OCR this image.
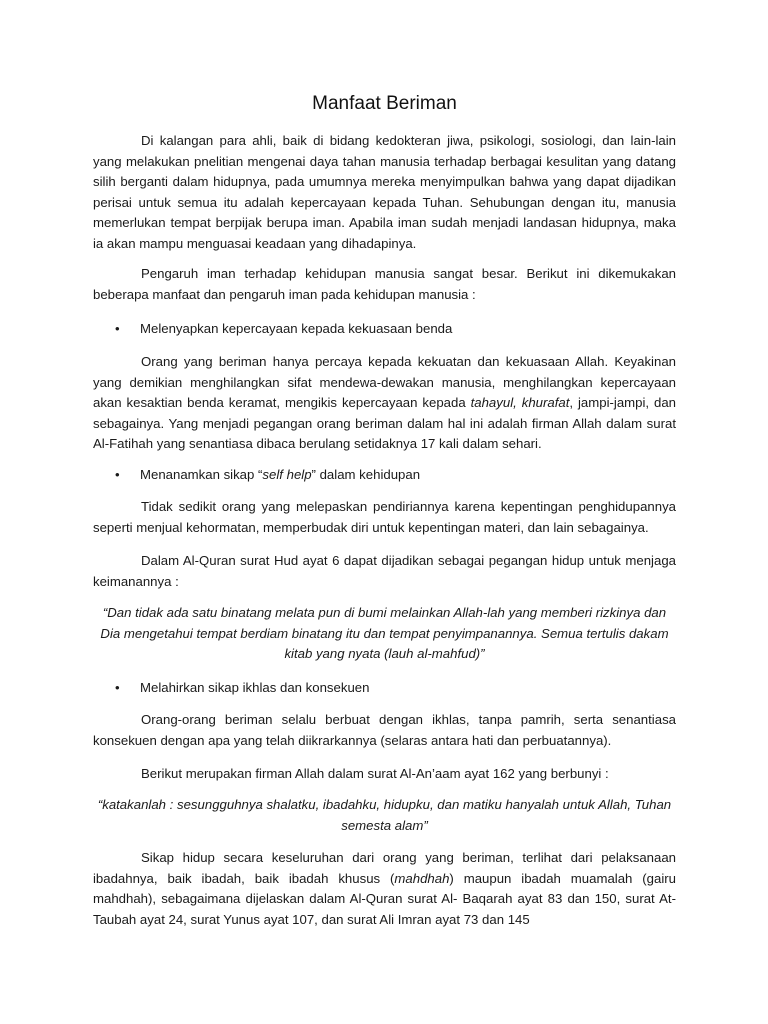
Manfaat Beriman
Di kalangan para ahli, baik di bidang kedokteran jiwa, psikologi, sosiologi, dan lain-lain yang melakukan pnelitian mengenai daya tahan manusia terhadap berbagai kesulitan yang datang silih berganti dalam hidupnya, pada umumnya mereka menyimpulkan bahwa yang dapat dijadikan perisai untuk semua itu adalah kepercayaan kepada Tuhan. Sehubungan dengan itu, manusia memerlukan tempat berpijak berupa iman. Apabila iman sudah menjadi landasan hidupnya, maka ia akan mampu menguasai keadaan yang dihadapinya.
Pengaruh iman terhadap kehidupan manusia sangat besar. Berikut ini dikemukakan beberapa manfaat dan pengaruh iman pada kehidupan manusia :
• Melenyapkan kepercayaan kepada kekuasaan benda
Orang yang beriman hanya percaya kepada kekuatan dan kekuasaan Allah. Keyakinan yang demikian menghilangkan sifat mendewa-dewakan manusia, menghilangkan kepercayaan akan kesaktian benda keramat, mengikis kepercayaan kepada tahayul, khurafat, jampi-jampi, dan sebagainya. Yang menjadi pegangan orang beriman dalam hal ini adalah firman Allah dalam surat Al-Fatihah yang senantiasa dibaca berulang setidaknya 17 kali dalam sehari.
• Menanamkan sikap “self help” dalam kehidupan
Tidak sedikit orang yang melepaskan pendiriannya karena kepentingan penghidupannya seperti menjual kehormatan, memperbudak diri untuk kepentingan materi, dan lain sebagainya.
Dalam Al-Quran surat Hud ayat 6 dapat dijadikan sebagai pegangan hidup untuk menjaga keimanannya :
“Dan tidak ada satu binatang melata pun di bumi melainkan Allah-lah yang memberi rizkinya dan
Dia mengetahui tempat berdiam binatang itu dan tempat penyimpanannya. Semua tertulis dakam
kitab yang nyata (lauh al-mahfud)”
• Melahirkan sikap ikhlas dan konsekuen
Orang-orang beriman selalu berbuat dengan ikhlas, tanpa pamrih, serta senantiasa konsekuen dengan apa yang telah diikrarkannya (selaras antara hati dan perbuatannya).
Berikut merupakan firman Allah dalam surat Al-An’aam ayat 162 yang berbunyi :
“katakanlah : sesungguhnya shalatku, ibadahku, hidupku, dan matiku hanyalah untuk Allah, Tuhan
semesta alam”
Sikap hidup secara keseluruhan dari orang yang beriman, terlihat dari pelaksanaan ibadahnya, baik ibadah, baik ibadah khusus (mahdhah) maupun ibadah muamalah (gairu mahdhah), sebagaimana dijelaskan dalam Al-Quran surat Al- Baqarah ayat 83 dan 150, surat At-Taubah ayat 24, surat Yunus ayat 107, dan surat Ali Imran ayat 73 dan 145
